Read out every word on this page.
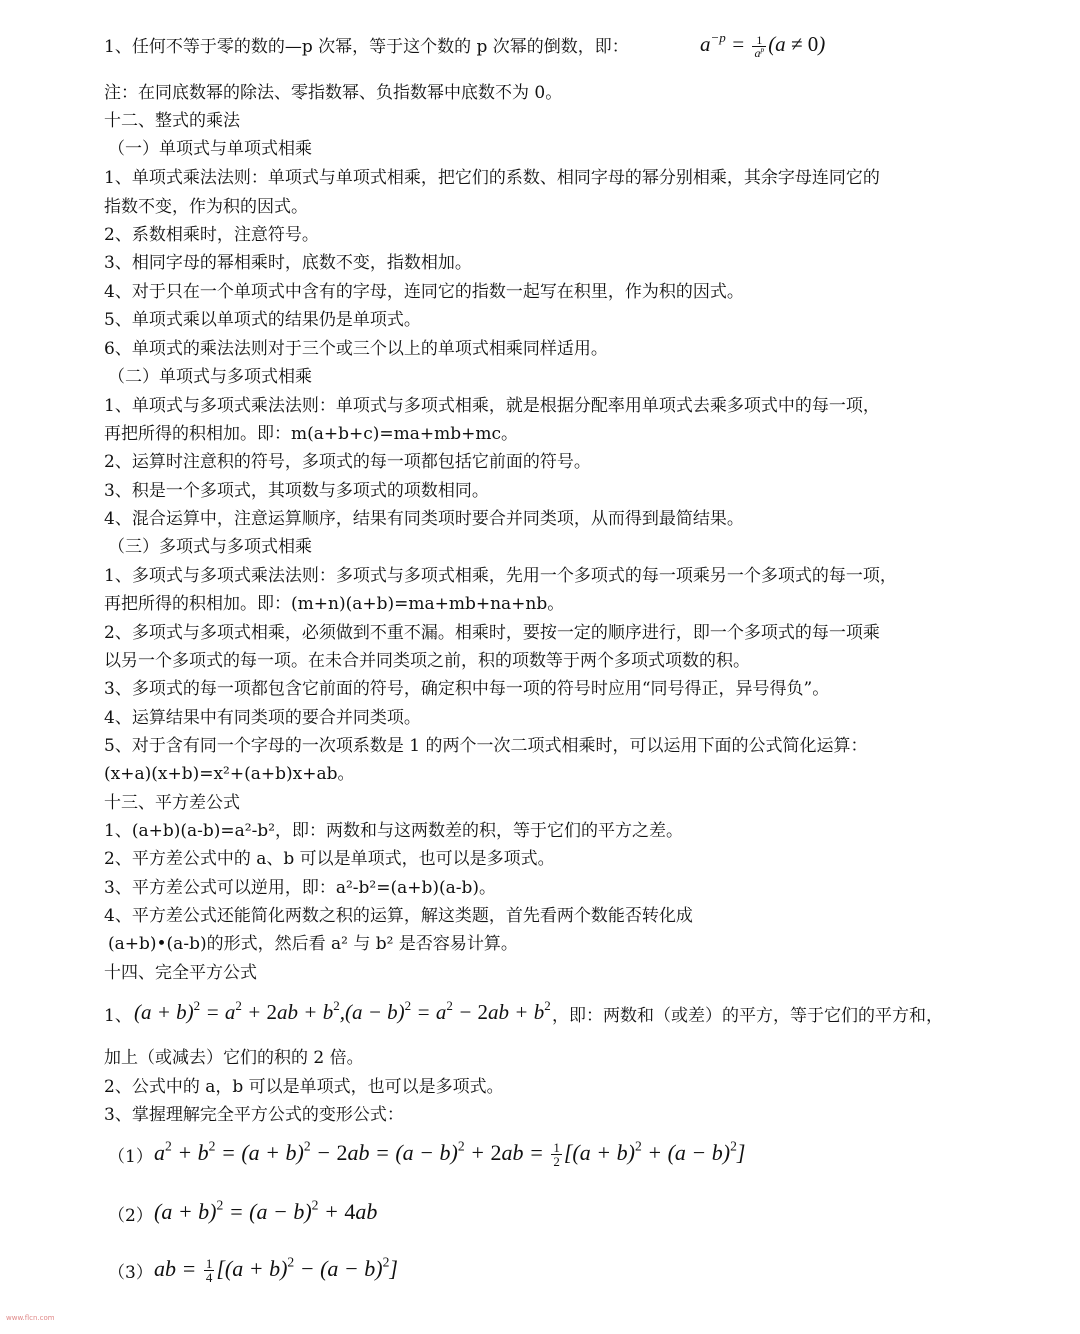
1、任何不等于零的数的—p 次幂，等于这个数的 p 次幂的倒数，即：	$a^{-p} = \frac{1}{a^p} (a \ne 0)$
注：在同底数幂的除法、零指数幂、负指数幂中底数不为 0。
十二、整式的乘法
（一）单项式与单项式相乘
1、单项式乘法法则：单项式与单项式相乘，把它们的系数、相同字母的幂分别相乘，其余字母连同它的
指数不变，作为积的因式。
2、系数相乘时，注意符号。
3、相同字母的幂相乘时，底数不变，指数相加。
4、对于只在一个单项式中含有的字母，连同它的指数一起写在积里，作为积的因式。
5、单项式乘以单项式的结果仍是单项式。
6、单项式的乘法法则对于三个或三个以上的单项式相乘同样适用。
（二）单项式与多项式相乘
1、单项式与多项式乘法法则：单项式与多项式相乘，就是根据分配率用单项式去乘多项式中的每一项，
再把所得的积相加。即：m(a+b+c)=ma+mb+mc。
2、运算时注意积的符号，多项式的每一项都包括它前面的符号。
3、积是一个多项式，其项数与多项式的项数相同。
4、混合运算中，注意运算顺序，结果有同类项时要合并同类项，从而得到最简结果。
（三）多项式与多项式相乘
1、多项式与多项式乘法法则：多项式与多项式相乘，先用一个多项式的每一项乘另一个多项式的每一项，
再把所得的积相加。即：(m+n)(a+b)=ma+mb+na+nb。
2、多项式与多项式相乘，必须做到不重不漏。相乘时，要按一定的顺序进行，即一个多项式的每一项乘
以另一个多项式的每一项。在未合并同类项之前，积的项数等于两个多项式项数的积。
3、多项式的每一项都包含它前面的符号，确定积中每一项的符号时应用“同号得正，异号得负”。
4、运算结果中有同类项的要合并同类项。
5、对于含有同一个字母的一次项系数是 1 的两个一次二项式相乘时，可以运用下面的公式简化运算：
(x+a)(x+b)=x²+(a+b)x+ab。
十三、平方差公式
1、(a+b)(a-b)=a²-b²，即：两数和与这两数差的积，等于它们的平方之差。
2、平方差公式中的 a、b 可以是单项式，也可以是多项式。
3、平方差公式可以逆用，即：a²-b²=(a+b)(a-b)。
4、平方差公式还能简化两数之积的运算，解这类题，首先看两个数能否转化成
(a+b)•(a-b)的形式，然后看 a² 与 b² 是否容易计算。
十四、完全平方公式
1、 $(a + b)^2 = a^2 + 2ab + b^2,(a - b)^2 = a^2 - 2ab + b^2$
，即：两数和（或差）的平方，等于它们的平方和，
加上（或减去）它们的积的 2 倍。
2、公式中的 a，b 可以是单项式，也可以是多项式。
3、掌握理解完全平方公式的变形公式：
（1） $a^2 + b^2 = (a + b)^2 - 2ab = (a - b)^2 + 2ab = \frac{1}{2} [(a + b)^2 + (a - b)^2]$
（2） $(a + b)^2 = (a - b)^2 + 4ab$
（3） ab = $\frac{1}{4} [(a + b)^2 - (a - b)^2]$
www.flcn.com
